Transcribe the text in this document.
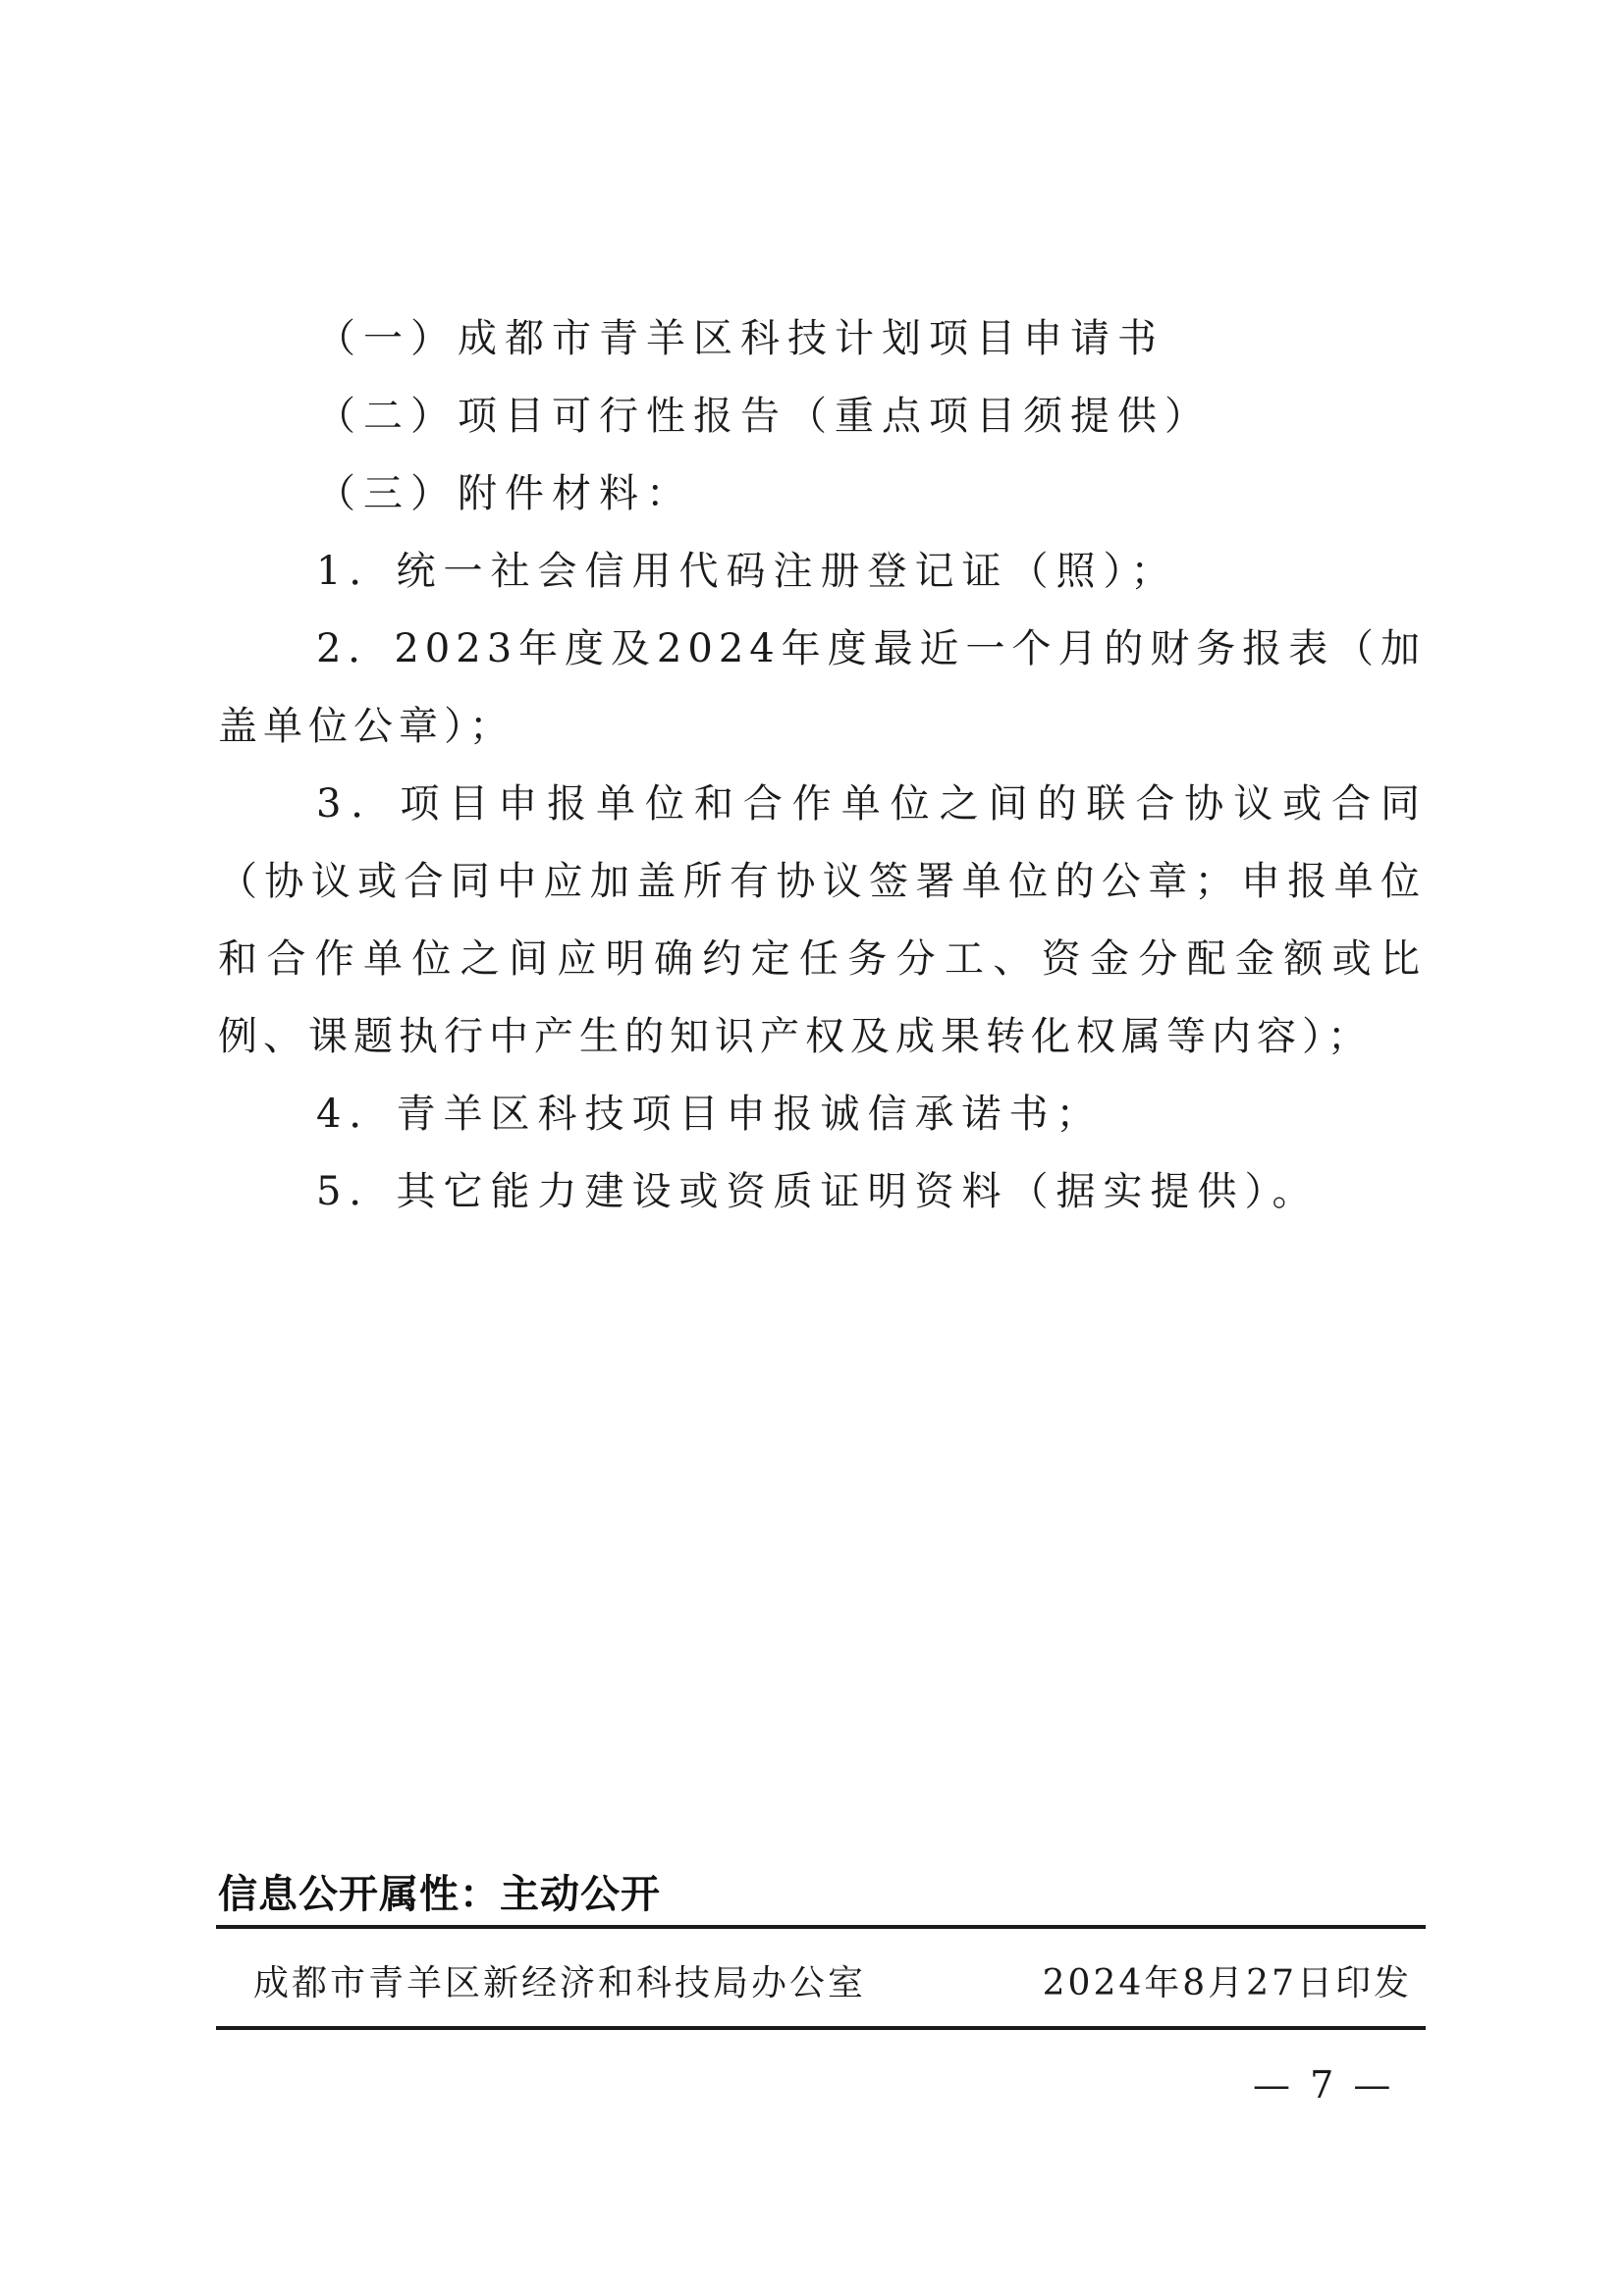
（一）成都市青羊区科技计划项目申请书

（二）项目可行性报告（重点项目须提供）

（三）附件材料：

1．统一社会信用代码注册登记证（照）；

2．2023年度及2024年度最近一个月的财务报表（加盖单位公章）；

3．项目申报单位和合作单位之间的联合协议或合同（协议或合同中应加盖所有协议签署单位的公章；申报单位和合作单位之间应明确约定任务分工、资金分配金额或比例、课题执行中产生的知识产权及成果转化权属等内容）；

4．青羊区科技项目申报诚信承诺书；

5．其它能力建设或资质证明资料（据实提供）。

信息公开属性：主动公开
成都市青羊区新经济和科技局办公室	2024年8月27日印发
— 7 —
